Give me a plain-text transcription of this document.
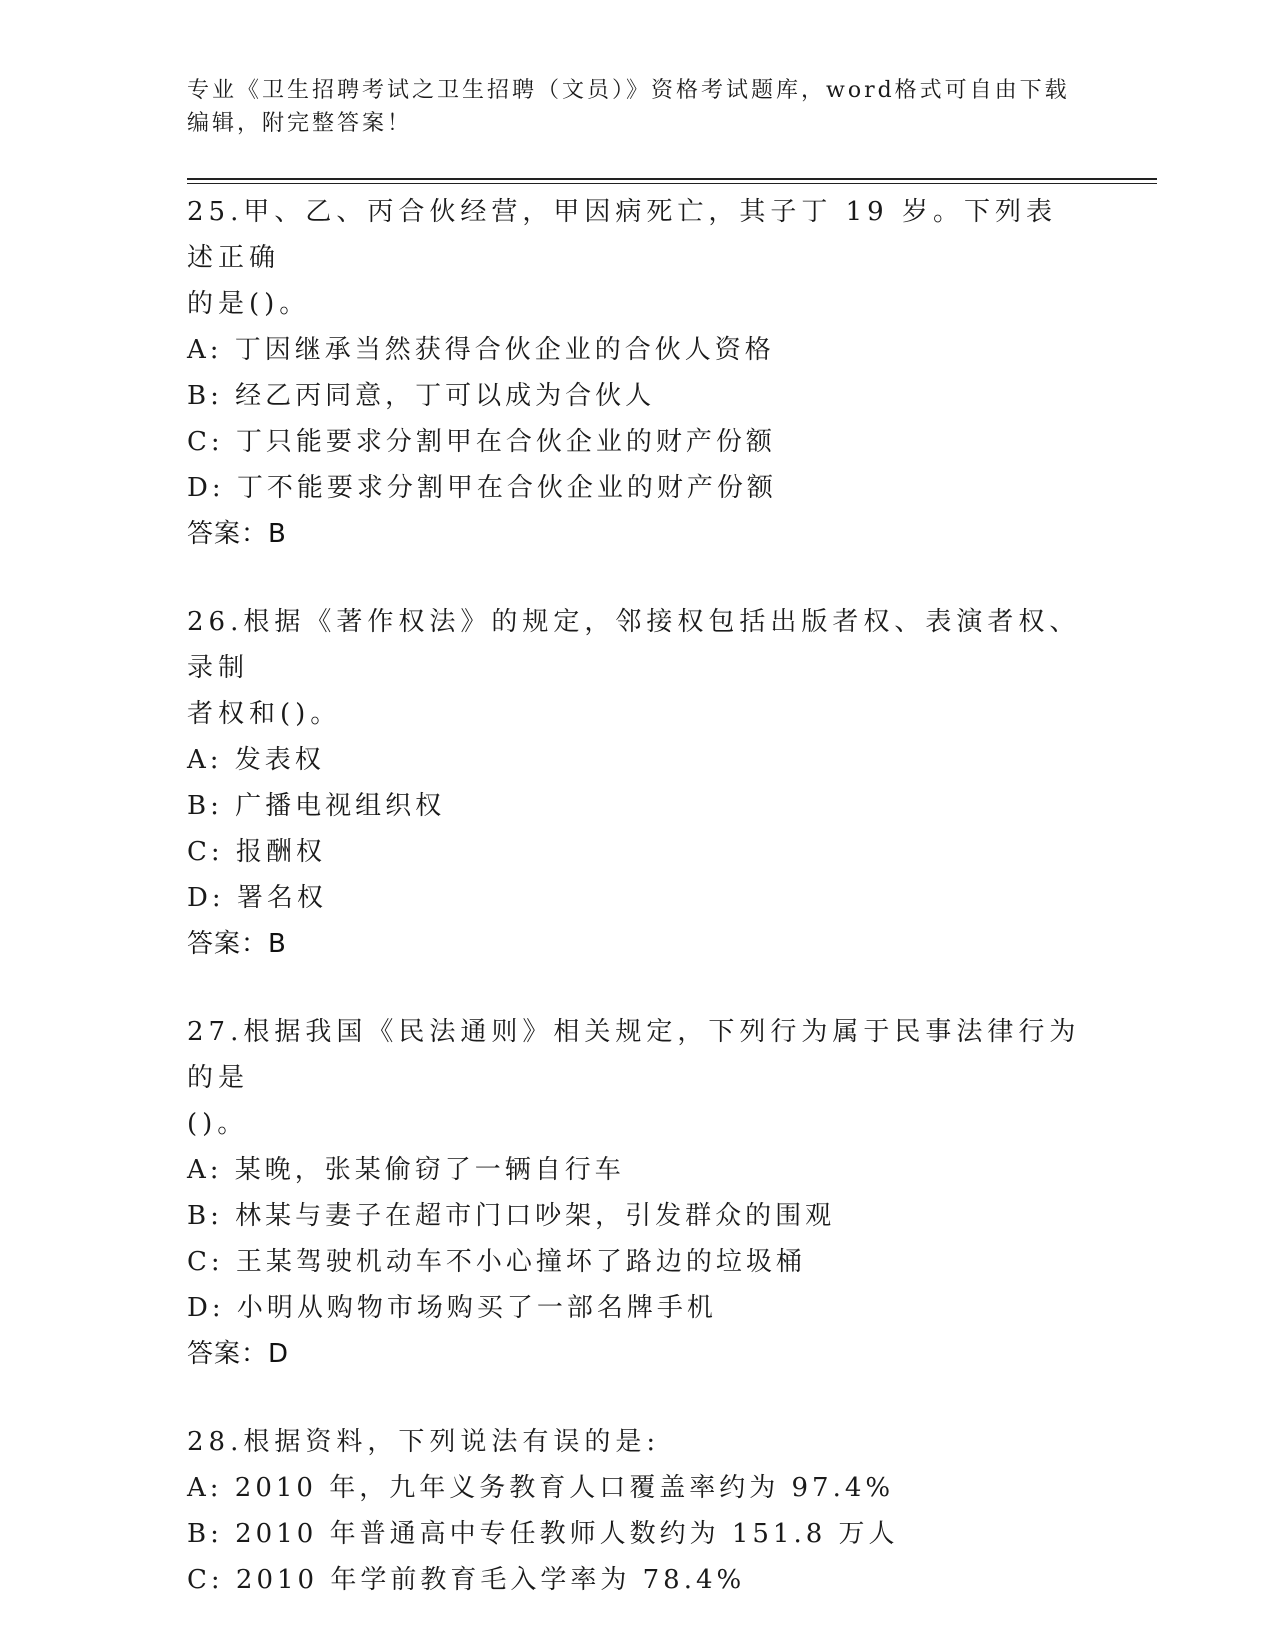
专业《卫生招聘考试之卫生招聘（文员）》资格考试题库，word格式可自由下载
编辑，附完整答案！
25.甲、乙、丙合伙经营，甲因病死亡，其子丁 19 岁。下列表述正确
的是()。
A: 丁因继承当然获得合伙企业的合伙人资格
B: 经乙丙同意，丁可以成为合伙人
C: 丁只能要求分割甲在合伙企业的财产份额
D: 丁不能要求分割甲在合伙企业的财产份额
答案：B
26.根据《著作权法》的规定，邻接权包括出版者权、表演者权、录制
者权和()。
A: 发表权
B: 广播电视组织权
C: 报酬权
D: 署名权
答案：B
27.根据我国《民法通则》相关规定，下列行为属于民事法律行为的是
()。
A: 某晚，张某偷窃了一辆自行车
B: 林某与妻子在超市门口吵架，引发群众的围观
C: 王某驾驶机动车不小心撞坏了路边的垃圾桶
D: 小明从购物市场购买了一部名牌手机
答案：D
28.根据资料，下列说法有误的是:
A: 2010 年，九年义务教育人口覆盖率约为 97.4%
B: 2010 年普通高中专任教师人数约为 151.8 万人
C: 2010 年学前教育毛入学率为 78.4%
